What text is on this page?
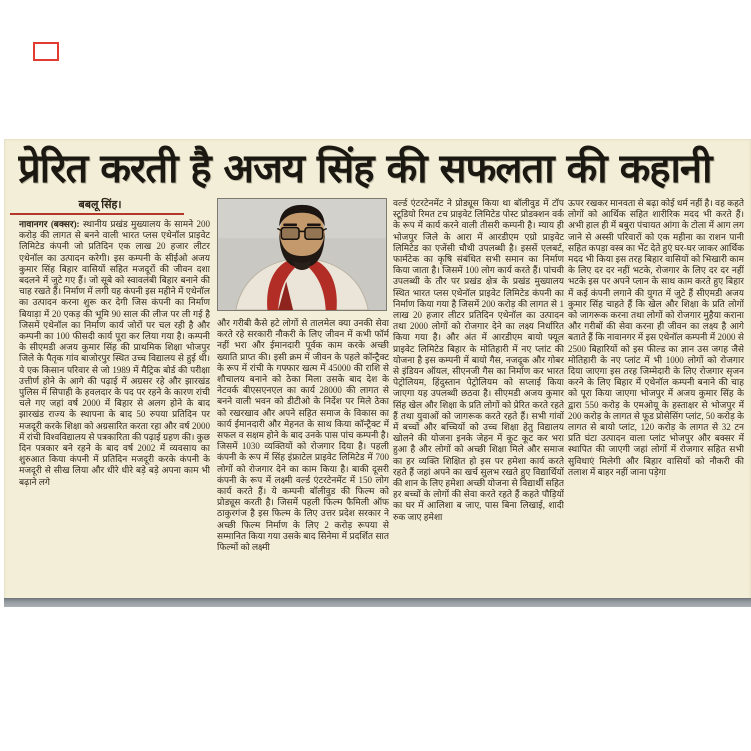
प्रेरित करती है अजय सिंह की सफलता की कहानी
बबलू सिंह।

नावानगर (बक्सर): स्थानीय प्रखंड मुख्यालय के सामने 200 करोड़ की लागत से बनने वाली भारत प्लस एथेनॉल प्राइवेट लिमिटेड कंपनी जो प्रतिदिन एक लाख 20 हजार लीटर एथेनॉल का उत्पादन करेगी। इस कम्पनी के सीईओ अजय कुमार सिंह बिहार वासियों सहित मजदूरों की जीवन दशा बदलने में जुटे गए हैं। जो सूबे को स्वावलंबी बिहार बनाने की चाह रखते हैं। निर्माण में लगी यह कंपनी इस महीने में एथेनॉल का उत्पादन करना शुरू कर देगी जिस कंपनी का निर्माण बियाड़ा में 20 एकड़ की भूमि 90 साल की लीज पर ली गई है जिसमें एथेनॉल का निर्माण कार्य जोरों पर चल रही है और कम्पनी का 100 फीसदी कार्य पूरा कर लिया गया है। कम्पनी के सीएमडी अजय कुमार सिंह की प्राथमिक शिक्षा भोजपुर जिले के पैतृक गांव बाजोरपुर स्थित उच्च विद्यालय से हुई थी। ये एक किसान परिवार से जो 1989 में मैट्रिक बोर्ड की परीक्षा उत्तीर्ण होने के आगे की पढ़ाई में अग्रसर रहे और झारखंड पुलिस में सिपाही के हवलदार के पद पर रहने के कारण रांची चले गए जहां वर्ष 2000 में बिहार से अलग होने के बाद झारखंड राज्य के स्थापना के बाद 50 रुपया प्रतिदिन पर मजदूरी करके शिक्षा को अग्रसारित करता रहा और वर्ष 2000 में रांची विश्वविद्यालय से पत्रकारिता की पढ़ाई ग्रहण की। कुछ दिन पत्रकार बने रहने के बाद वर्ष 2002 में व्यवसाय का शुरुआत किया कंपनी में प्रतिदिन मजदूरी करके कंपनी के मजदूरी से सीख लिया और धीरे धीरे बड़े बड़े अपना काम भी बढ़ाने लगे

और गरीबी कैसे हटे लोगों से तालमेल क्या उनकी सेवा करते रहे सरकारी नौकरी के लिए जीवन में कभी फॉर्म नहीं भरा और ईमानदारी पूर्वक काम करके अच्छी ख्याति प्राप्त की। इसी क्रम में जीवन के पहले कॉन्ट्रैक्ट के रूप में रांची के गफ्फार खत्म में 45000 की राशि से शौचालय बनाने को ठेका मिला उसके बाद देश के नेटवर्क बीएसएनएल का कार्य 28000 की लागत से बनने वाली भवन को डीटीओ के निर्देश पर मिले ठेका को रखरखाव और अपने सहित समाज के विकास का कार्य ईमानदारी और मेहनत के साथ किया कॉन्ट्रैक्ट में सफल व सक्षम होने के बाद उनके पास पांच कम्पनी है। जिसमें 1030 व्यक्तियों को रोजगार दिया है। पहली कंपनी के रूप में सिंह इंफ्राटेल प्राइवेट लिमिटेड में 700 लोगों को रोजगार देने का काम किया है। बाकी दूसरी कंपनी के रूप में लक्ष्मी वर्ल्ड एंटरटेनमेंट में 150 लोग कार्य करते हैं। ये कम्पनी बॉलीवुड की फिल्म को प्रोड्यूस करती है। जिसमें पहली फिल्म फैमिली ऑफ ठाकुरगंज है इस फिल्म के लिए उत्तर प्रदेश सरकार ने अच्छी फिल्म निर्माण के लिए 2 करोड़ रूपया से सम्मानित किया गया उसके बाद सिनेमा में प्रदर्शित सात फिल्मों को लक्ष्मी

वर्ल्ड एंटरटेनमेंट ने प्रोड्यूस किया था बॉलीवुड में टॉप स्टूडियो रिमत टच प्राइवेट लिमिटेड पोस्ट प्रोडक्शन वर्क के रूप में कार्य करने वाली तीसरी कम्पनी है। म्याय ही भोजपुर जिले के आरा में आरडीएम एग्रो प्राइवेट लिमिटेड का एजेंसी चौथी उपलब्धी है। इससें एलबर्ट, फार्मटेक का कृषि संबंधित सभी समान का निर्माण किया जाता है। जिसमें 100 लोग कार्य करते हैं। पांचवी उपलब्धी के तौर पर प्रखंड क्षेत्र के प्रखंड मुख्यालय स्थित भारत प्लस एथेनॉल प्राइवेट लिमिटेड कंपनी का निर्माण किया गया है जिसमें 200 करोड़ की लागत से 1 लाख 20 हजार लीटर प्रतिदिन एथेनॉल का उत्पादन तथा 2000 लोगों को रोजगार देने का लक्ष्य निर्धारित किया गया है। और अंत में आरडीएम बायो फ्यूल प्राइवेट लिमिटेड बिहार के मोतिहारी में नए प्लांट की योजना है इस कम्पनी में बायो गैस, नजदूक और गोबर से इंडियन ऑयल, सीएनजी गैस का निर्माण कर भारत पेट्रोलियम, हिंदुस्तान पेट्रोलियम को सप्लाई किया जाएगा यह उपलब्धी छठवा है। सीएमडी अजय कुमार सिंह खेल और शिक्षा के प्रति लोगों को प्रेरित करते रहते हैं तथा युवाओं को जागरूक करते रहते हैं। सभी गांवों में बच्चों और बच्चियों को उच्च शिक्षा हेतु विद्यालय खोलने की योजना इनके जेहन में कूट कूट कर भरा हुआ है और लोगों को अच्छी शिक्षा मिले और समाज का हर व्यक्ति शिक्षित हो इस पर हमेशा कार्य करते रहते हैं जहां अपने का खर्च सुलभ रखते हुए विद्यार्थियों की शान के लिए हमेशा अच्छी योजना से विद्यार्थी सहित हर बच्चों के लोगों की सेवा करते रहते हैं कहते पौड़ियों का घर में आलिशा ब जाए, पास बिना लिखाई, शादी रुक जाए हमेशा

ऊपर रखकर मानवता से बढ़ा कोई धर्म नहीं है। वह कहते लोगों को आर्थिक सहित शारीरिक मदद भी करते हैं। अभी हाल ही में बबुरा पंचायत आंगा के टोला में आग लग जाने से अस्सी परिवारों को एक महीना का राशन पानी सहित कपड़ा वस्त्र का भेंट देते हुएं घर-घर जाकर आर्थिक मदद भी किया इस तरह बिहार वासियों को भिखारी काम के लिए दर दर नहीं भटके, रोजगार के लिए दर दर नहीं भटके इस पर अपने प्लान के साथ काम करते हुए बिहार में कई कंपनी लगाने की युगत में जुटे हैं सीएमडी अजय कुमार सिंह चाहते हैं कि खेल और शिक्षा के प्रति लोगों को जागरूक करना तथा लोगों को रोजगार मुहैया कराना और गरीबों की सेवा करना ही जीवन का लक्ष्य है आगे बताते हैं कि नावानगर में इस एथेनॉल कम्पनी में 2000 से 2500 बिहारियों को इस फील्ड का ज्ञान उस जगह जैसे मोतिहारी के नए प्लांट में भी 1000 लोगों को रोजगार दिया जाएगा इस तरह जिम्मेदारी के लिए रोजगार सृजन करने के लिए बिहार में एथेनॉल कम्पनी बनाने की चाह को पूरा किया जाएगा भोजपुर में अजय कुमार सिंह के द्वारा 550 करोड़ के एमओयू के हस्ताक्षर से भोजपुर में 200 करोड़ के लागत से फूड प्रोसेसिंग प्लांट, 50 करोड़ के लागत से बायो प्लांट, 120 करोड़ के लागत से 32 टन प्रति घंटा उत्पादन वाला प्लांट भोजपुर और बक्सर में स्थापित की जाएगी जहां लोगों में रोजगार सहित सभी सुविधाएं मिलेगी और बिहार वासियों को नौकरी की तलाश में बाहर नहीं जाना पड़ेगा
